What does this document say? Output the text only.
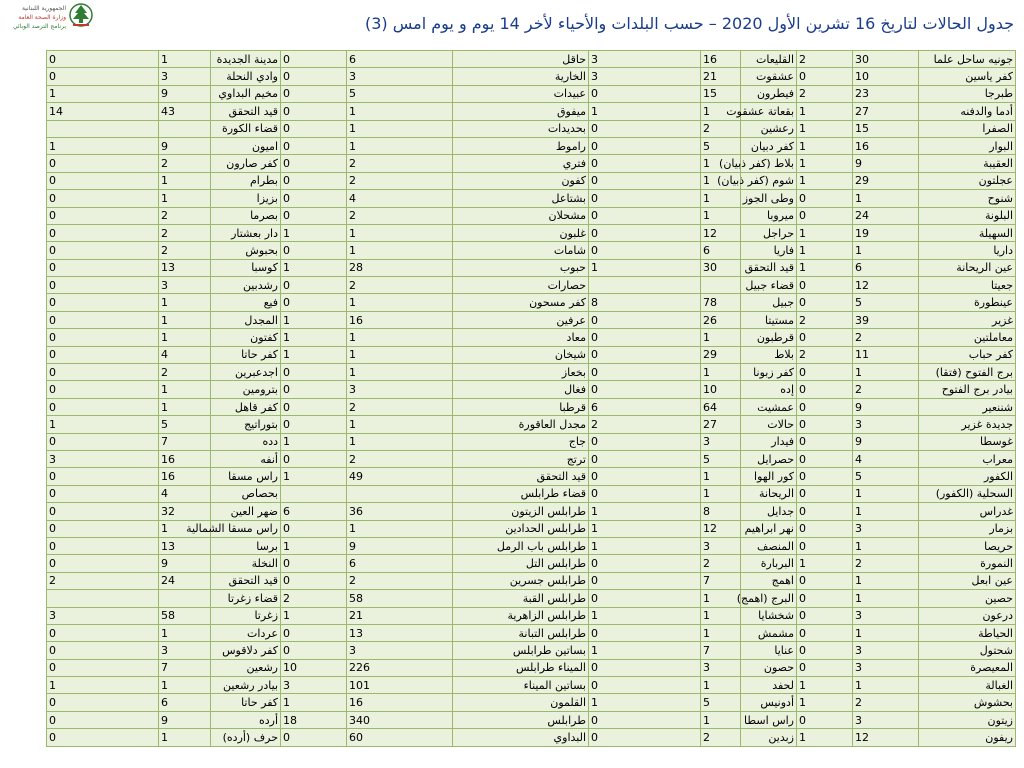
الجمهورية اللبنانية
وزارة الصحة العامة
برنامج الترصد الوبائي	جدول الحالات لتاريخ 16 تشرين الأول 2020 – حسب البلدات والأحياء لأخر 14 يوم و يوم امس (3)
0	1	مدينة الجديدة	0	6	حاقل	3	16	القليعات	2	30	جونيه ساحل علما
0	3	وادي النحلة	0	3	الخارية	3	21	عشقوت	0	10	كفر ياسين
1	9	مخيم البداوي	0	5	عبيدات	0	15	فيطرون	2	23	طبرجا
14	43	قيد التحقق	0	1	ميفوق	1	1	بقعاتة عشقوت	1	27	أدما والدفنه
		قضاء الكورة	0	1	بحديدات	0	2	رعشين	1	15	الصفرا
1	9	اميون	0	1	راموط	0	5	كفر دبيان	1	16	البوار
0	2	كفر صارون	0	2	فتري	0	1	بلاط (كفر ذبيان)	1	9	العقيبة
0	1	بطرام	0	2	كفون	0	1	شوم (كفر ذبيان)	1	29	عجلتون
0	1	بزيزا	0	4	بشتاعل	0	1	وطى الجوز	0	1	شنوح
0	2	بصرما	0	2	مشحلان	0	1	ميروبا	0	24	البلونة
0	2	دار بعشتار	1	1	غلبون	0	12	حراجل	1	19	السهيلة
0	2	بحبوش	0	1	شامات	0	6	فاريا	1	1	داريا
0	13	كوسبا	1	28	حبوب	1	30	قيد التحقق	1	6	عين الريحانة
0	3	رشدبين	0	2	حصارات			قضاء جبيل	0	12	جعيتا
0	1	فيع	0	1	كفر مسحون	8	78	جبيل	0	5	عينطورة
0	1	المجدل	1	16	عرفين	0	26	مستيتا	2	39	غزير
0	1	كفتون	1	1	معاد	0	1	قرطبون	0	2	معاملتين
0	4	كفر حاتا	1	1	شيخان	0	29	بلاط	2	11	كفر حباب
0	2	اجدعبرين	0	1	بخعاز	0	1	كفر زبونا	0	1	برج الفتوح (فتقا)
0	1	بترومين	0	3	فغال	0	10	إده	0	2	بيادر برج الفتوح
0	1	كفر قاهل	0	2	قرطبا	6	64	عمشيت	0	9	شننعير
1	5	بتوراتيج	0	1	مجدل العاقورة	2	27	حالات	0	3	جديدة غزير
0	7	دده	1	1	جاج	0	3	فيدار	0	9	غوسطا
3	16	أنفه	0	2	ترتج	0	5	حصرايل	0	4	معراب
0	16	راس مسقا	1	49	قيد التحقق	0	1	كور الهوا	0	5	الكفور
0	4	بحصاص			قضاء طرابلس	0	1	الريحانة	0	1	السحلية (الكفور)
0	32	ضهر العين	6	36	طرابلس الزيتون	1	8	جدايل	0	1	غدراس
0	1	راس مسقا الشمالية	0	1	طرابلس الحدادين	1	12	نهر ابراهيم	0	3	بزمار
0	13	برسا	1	9	طرابلس باب الرمل	1	3	المنصف	0	1	حريصا
0	9	النخلة	0	6	طرابلس التل	0	2	البربارة	1	2	النمورة
2	24	قيد التحقق	0	2	طرابلس جسرين	0	7	اهمج	0	1	عين ابعل
		قضاء زغرتا	2	58	طرابلس القبة	0	1	البرج (اهمج)	0	1	حصين
3	58	زغرتا	1	21	طرابلس الزاهرية	1	1	شخشايا	0	3	درعون
0	1	عردات	0	13	طرابلس التبانة	0	1	مشمش	0	1	الحياطة
0	3	كفر دلاقوس	0	3	بساتين طرابلس	1	7	عنايا	0	3	شحتول
0	7	رشعين	10	226	الميناء طرابلس	0	3	حصون	0	3	المعيصرة
1	1	بيادر رشعين	3	101	بساتين الميناء	0	1	لحفد	1	1	الغبالة
0	6	كفر حاتا	1	16	القلمون	1	5	أدونيس	1	2	بحشوش
0	9	أرده	18	340	طرابلس	0	1	راس اسطا	0	3	زيتون
0	1	حرف (أرده)	0	60	البداوي	0	2	زبدين	1	12	ريفون
